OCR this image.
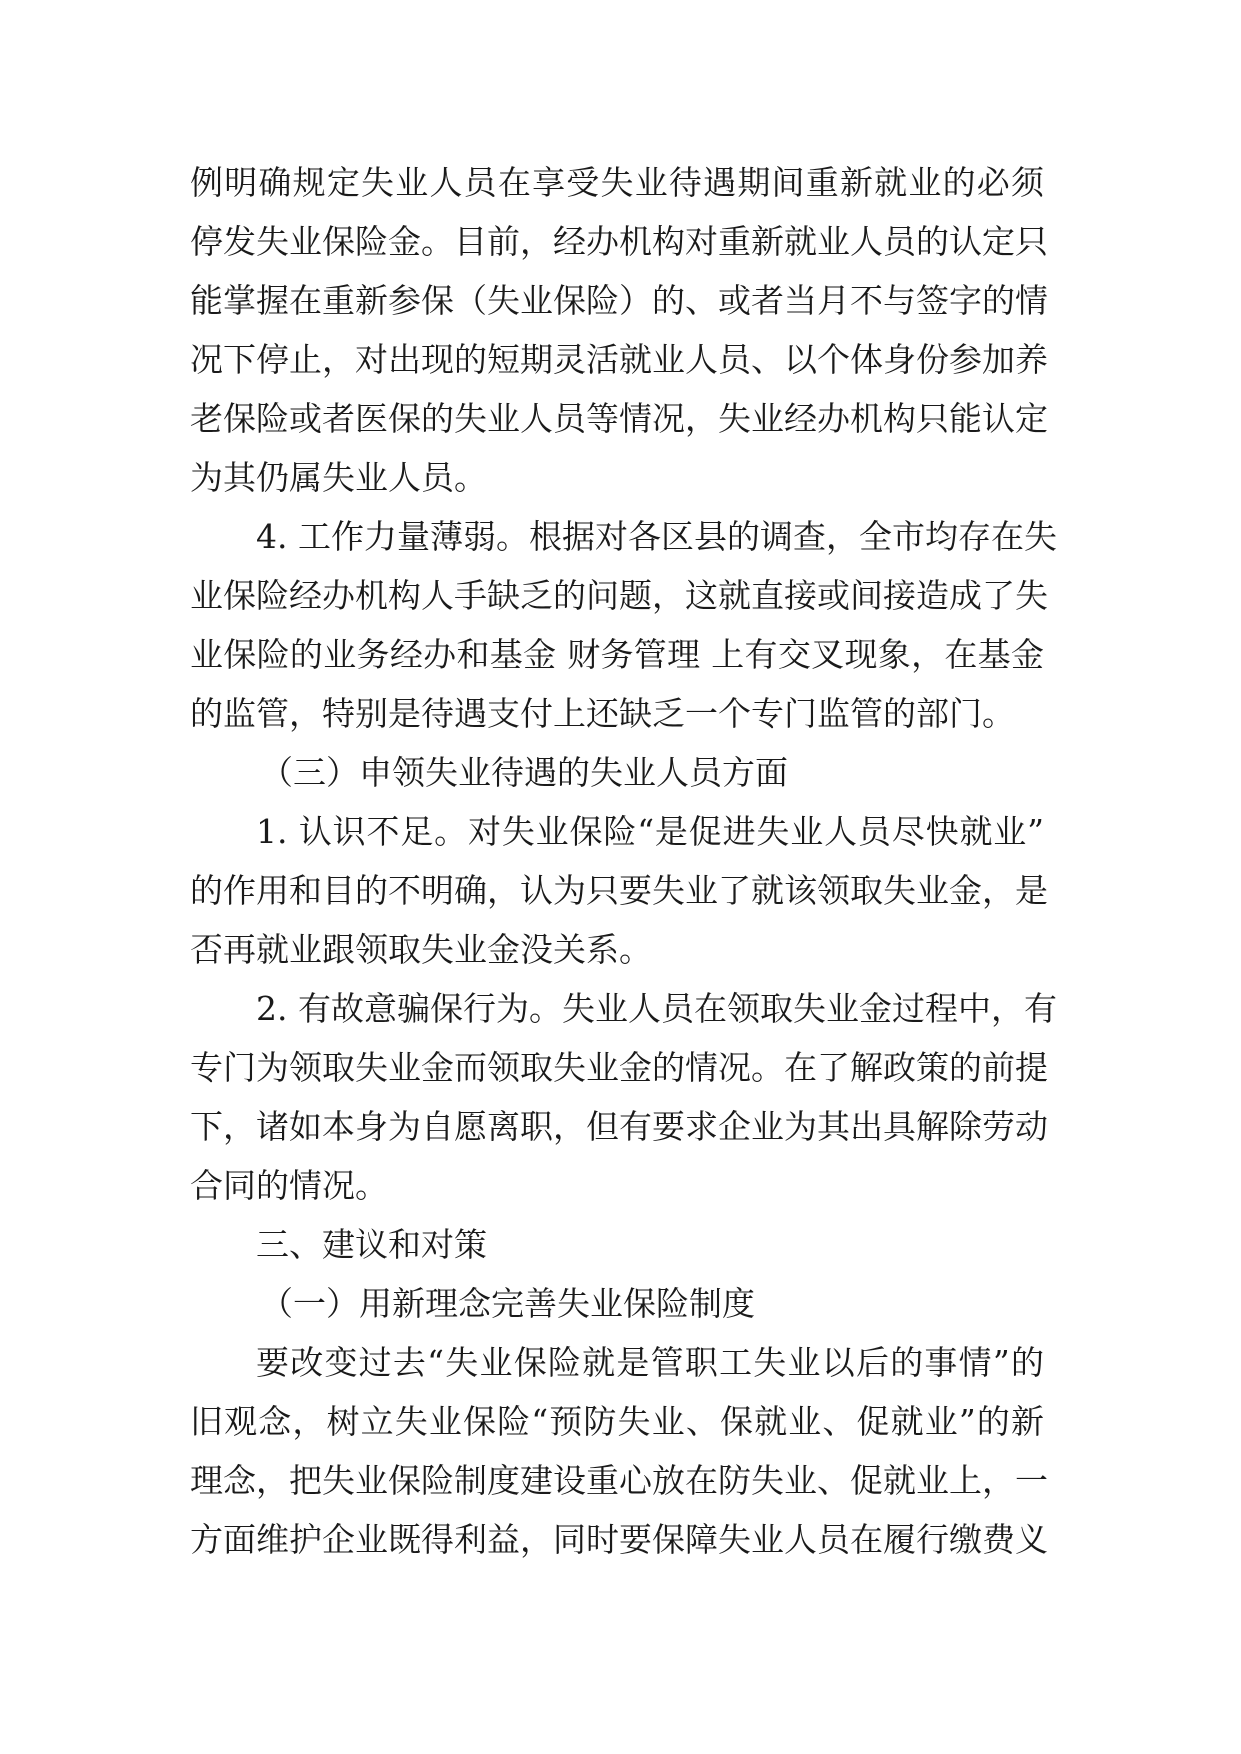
例明确规定失业人员在享受失业待遇期间重新就业的必须
停发失业保险金。目前，经办机构对重新就业人员的认定只
能掌握在重新参保（失业保险）的、或者当月不与签字的情
况下停止，对出现的短期灵活就业人员、以个体身份参加养
老保险或者医保的失业人员等情况，失业经办机构只能认定
为其仍属失业人员。
4. 工作力量薄弱。根据对各区县的调查，全市均存在失
业保险经办机构人手缺乏的问题，这就直接或间接造成了失
业保险的业务经办和基金 财务管理 上有交叉现象，在基金
的监管，特别是待遇支付上还缺乏一个专门监管的部门。
（三）申领失业待遇的失业人员方面
1. 认识不足。对失业保险“是促进失业人员尽快就业”
的作用和目的不明确，认为只要失业了就该领取失业金，是
否再就业跟领取失业金没关系。
2. 有故意骗保行为。失业人员在领取失业金过程中，有
专门为领取失业金而领取失业金的情况。在了解政策的前提
下，诸如本身为自愿离职，但有要求企业为其出具解除劳动
合同的情况。
三、建议和对策
（一）用新理念完善失业保险制度
要改变过去“失业保险就是管职工失业以后的事情”的
旧观念，树立失业保险“预防失业、保就业、促就业”的新
理念，把失业保险制度建设重心放在防失业、促就业上，一
方面维护企业既得利益，同时要保障失业人员在履行缴费义
